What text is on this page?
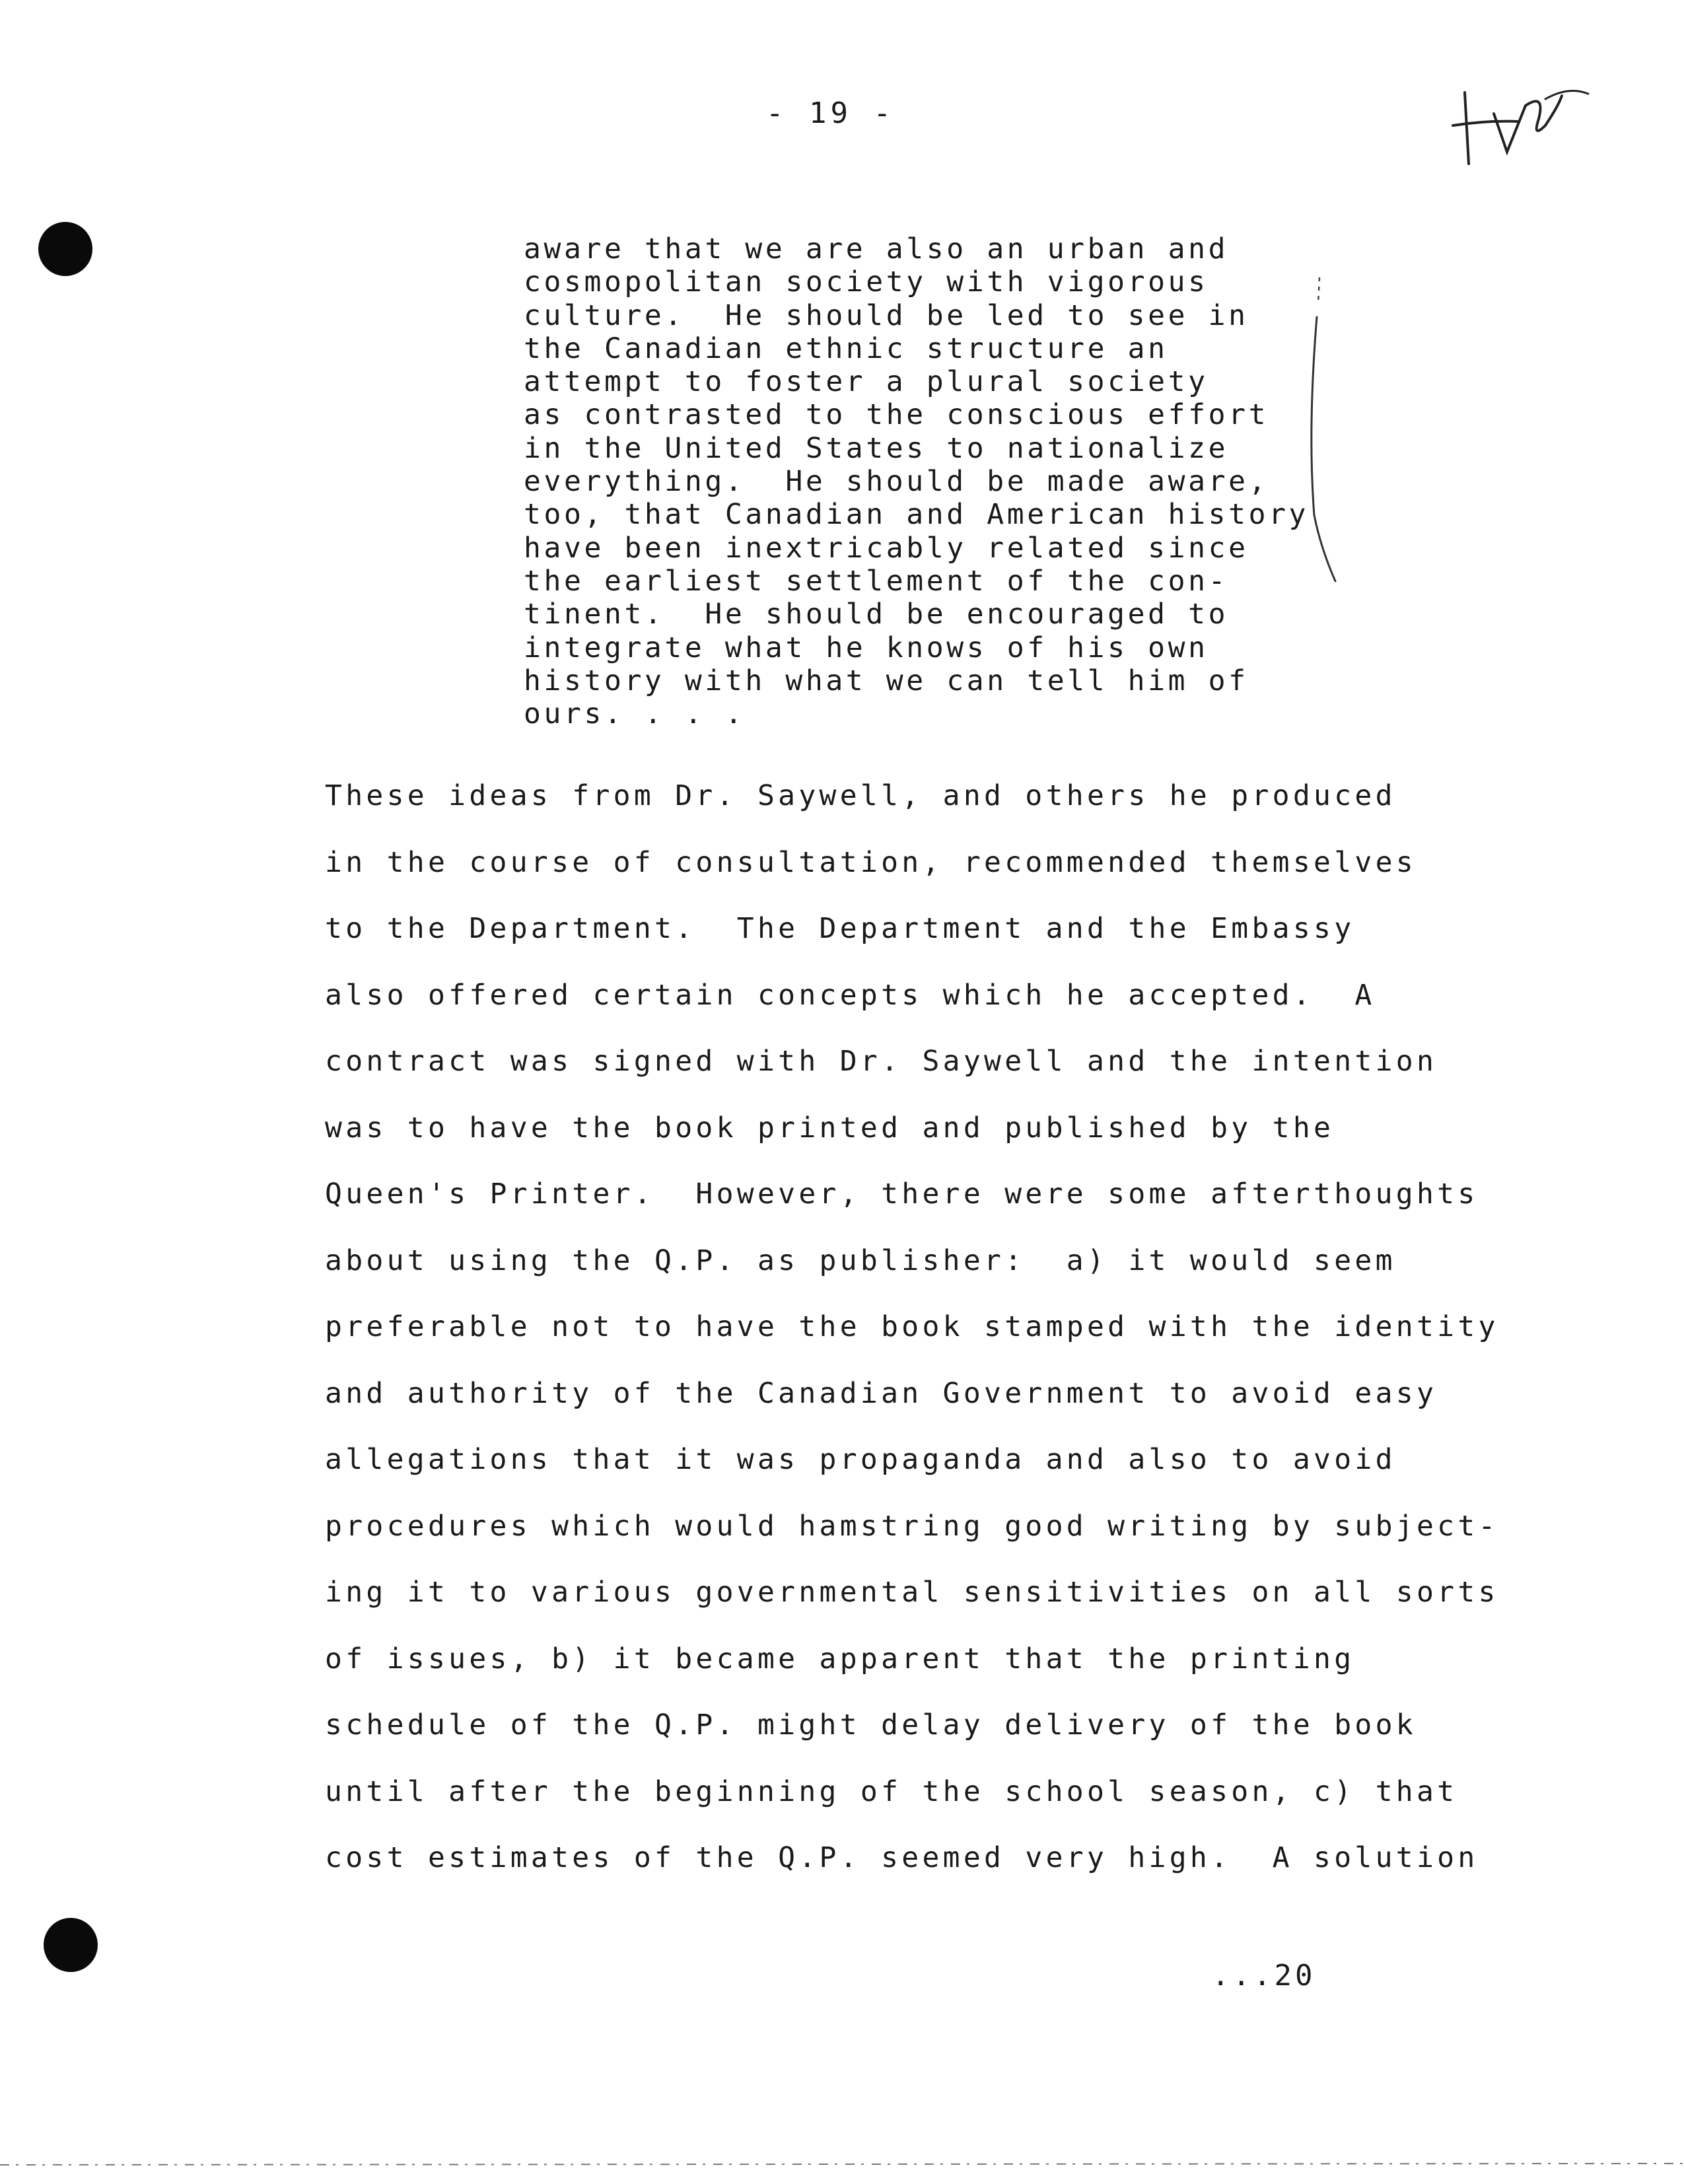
- 19 -
aware that we are also an urban and
cosmopolitan society with vigorous
culture.  He should be led to see in
the Canadian ethnic structure an
attempt to foster a plural society
as contrasted to the conscious effort
in the United States to nationalize
everything.  He should be made aware,
too, that Canadian and American history
have been inextricably related since
the earliest settlement of the con-
tinent.  He should be encouraged to
integrate what he knows of his own
history with what we can tell him of
ours. . . .
These ideas from Dr. Saywell, and others he produced
in the course of consultation, recommended themselves
to the Department.  The Department and the Embassy
also offered certain concepts which he accepted.  A
contract was signed with Dr. Saywell and the intention
was to have the book printed and published by the
Queen's Printer.  However, there were some afterthoughts
about using the Q.P. as publisher:  a) it would seem
preferable not to have the book stamped with the identity
and authority of the Canadian Government to avoid easy
allegations that it was propaganda and also to avoid
procedures which would hamstring good writing by subject-
ing it to various governmental sensitivities on all sorts
of issues, b) it became apparent that the printing
schedule of the Q.P. might delay delivery of the book
until after the beginning of the school season, c) that
cost estimates of the Q.P. seemed very high.  A solution
...20
